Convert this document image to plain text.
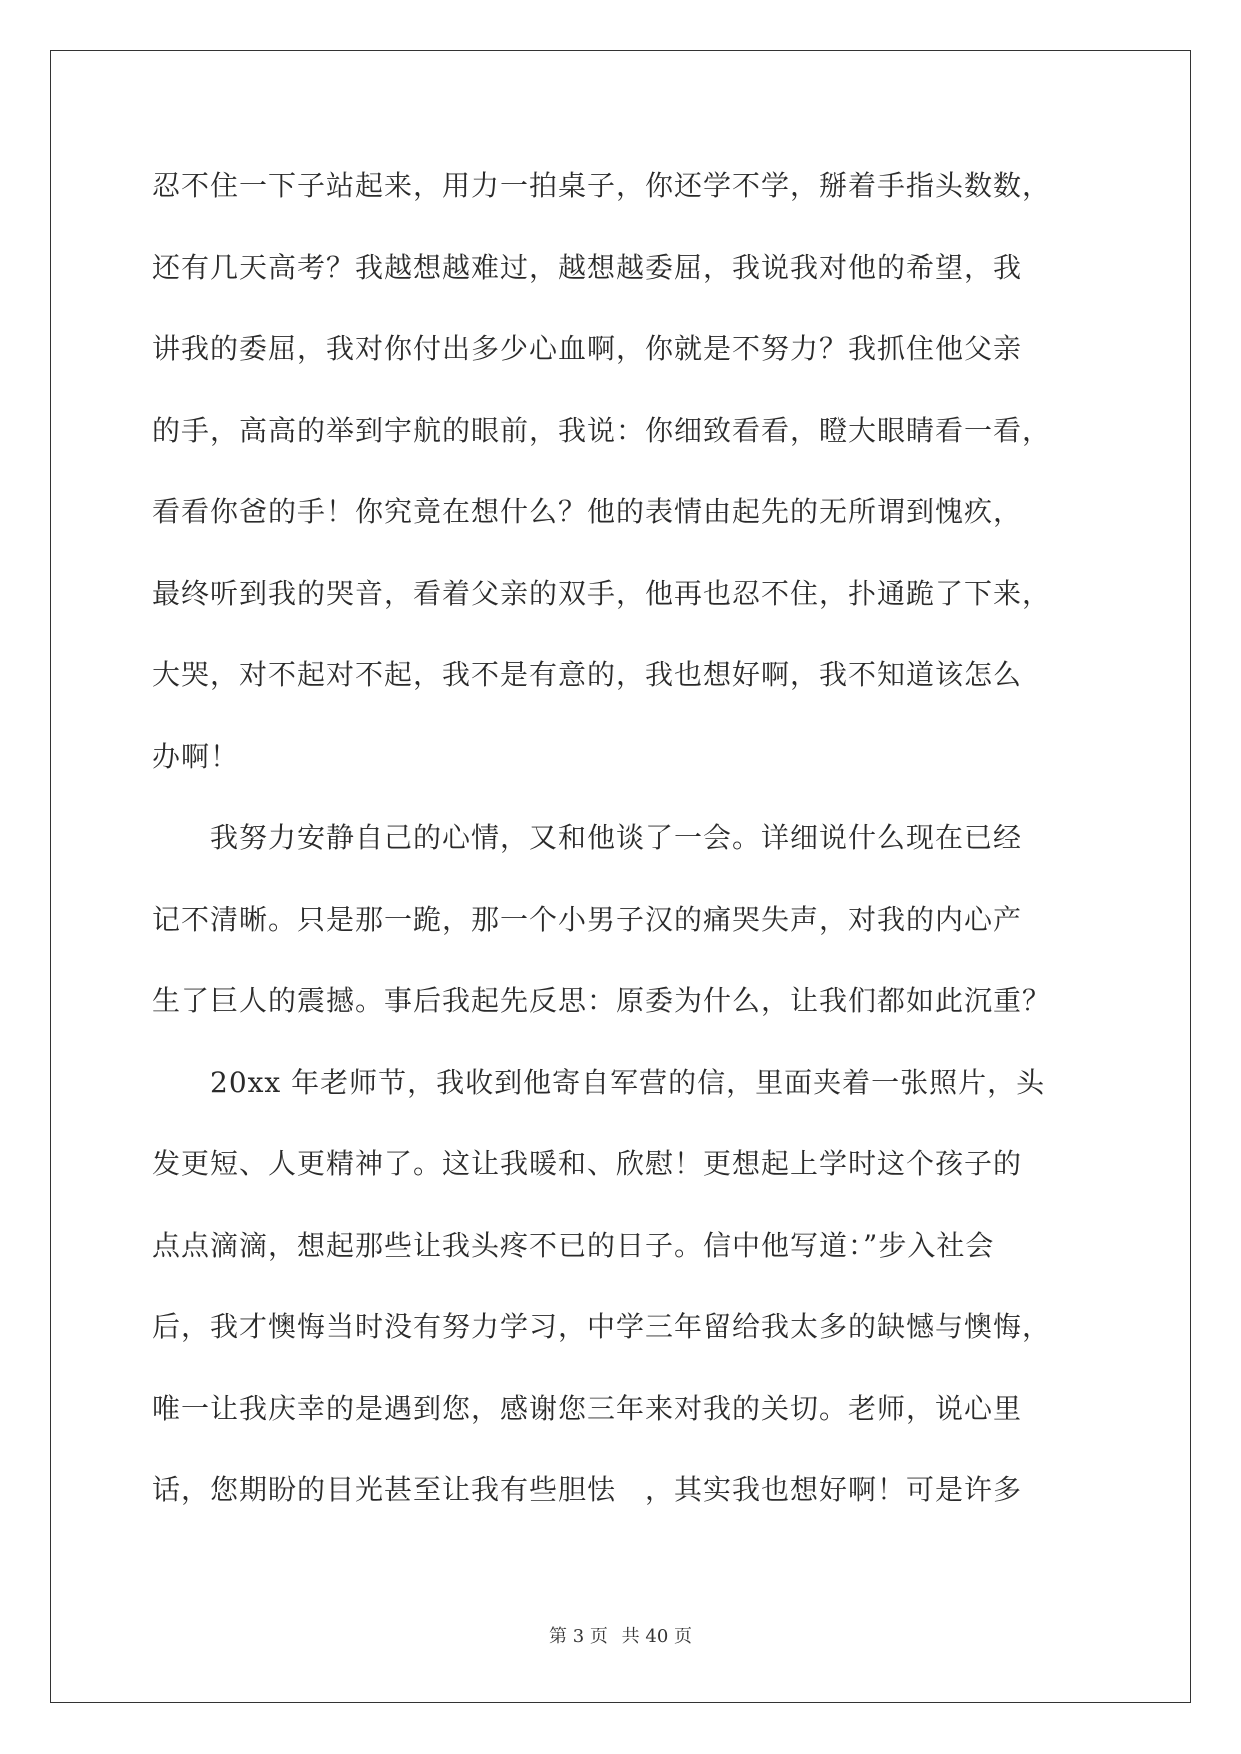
忍不住一下子站起来，用力一拍桌子，你还学不学，掰着手指头数数，
还有几天高考？我越想越难过，越想越委屈，我说我对他的希望，我
讲我的委屈，我对你付出多少心血啊，你就是不努力？我抓住他父亲
的手，高高的举到宇航的眼前，我说：你细致看看，瞪大眼睛看一看，
看看你爸的手！你究竟在想什么？他的表情由起先的无所谓到愧疚，
最终听到我的哭音，看着父亲的双手，他再也忍不住，扑通跪了下来，
大哭，对不起对不起，我不是有意的，我也想好啊，我不知道该怎么
办啊！
　　我努力安静自己的心情，又和他谈了一会。详细说什么现在已经
记不清晰。只是那一跪，那一个小男子汉的痛哭失声，对我的内心产
生了巨人的震撼。事后我起先反思：原委为什么，让我们都如此沉重？
　　20xx 年老师节，我收到他寄自军营的信，里面夹着一张照片，头
发更短、人更精神了。这让我暖和、欣慰！更想起上学时这个孩子的
点点滴滴，想起那些让我头疼不已的日子。信中他写道：”步入社会
后，我才懊悔当时没有努力学习，中学三年留给我太多的缺憾与懊悔，
唯一让我庆幸的是遇到您，感谢您三年来对我的关切。老师，说心里
话，您期盼的目光甚至让我有些胆怯　，其实我也想好啊！可是许多
第 3 页 共 40 页
